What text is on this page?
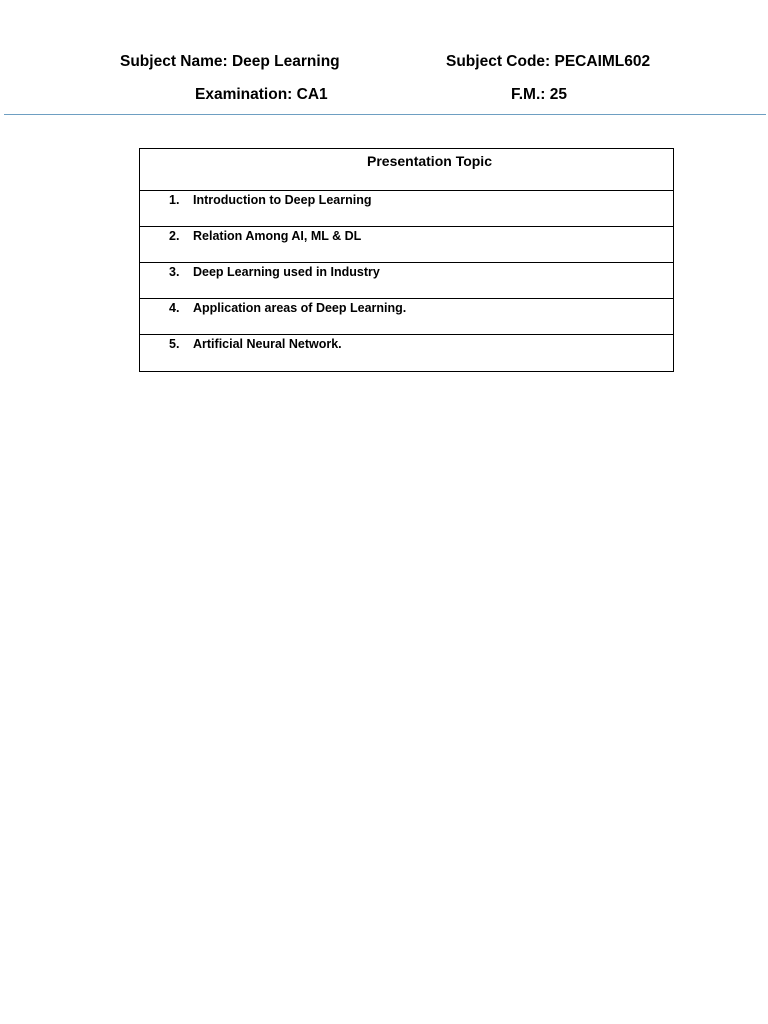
Subject Name: Deep Learning	Subject Code: PECAIML602
Examination: CA1	F.M.: 25
Presentation Topic
1.	Introduction to Deep Learning
2.	Relation Among AI, ML & DL
3.	Deep Learning used in Industry
4.	Application areas of Deep Learning.
5.	Artificial Neural Network.
